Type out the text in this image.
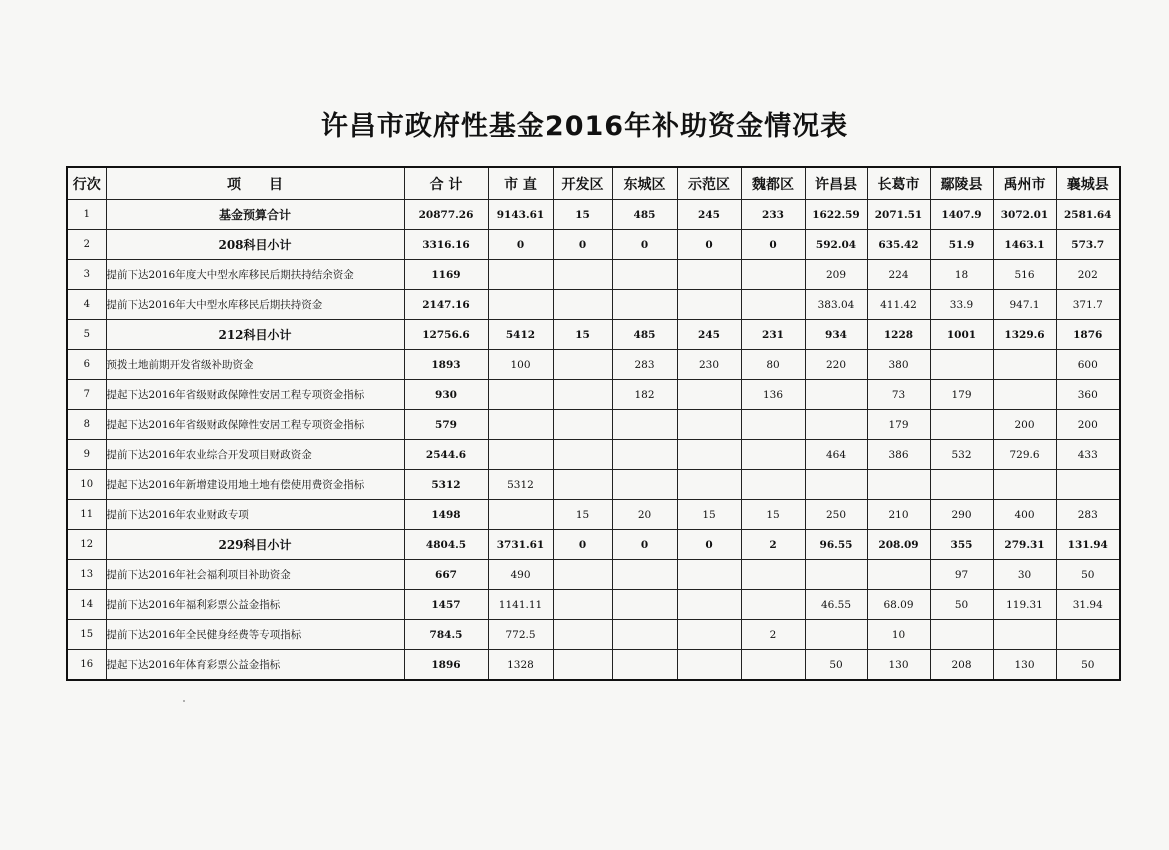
许昌市政府性基金2016年补助资金情况表
行次	项　　目	合 计	市 直	开发区	东城区	示范区	魏都区	许昌县	长葛市	鄢陵县	禹州市	襄城县
1	基金预算合计	20877.26	9143.61	15	485	245	233	1622.59	2071.51	1407.9	3072.01	2581.64
2	208科目小计	3316.16	0	0	0	0	0	592.04	635.42	51.9	1463.1	573.7
3	提前下达2016年度大中型水库移民后期扶持结余资金	1169						209	224	18	516	202
4	提前下达2016年大中型水库移民后期扶持资金	2147.16						383.04	411.42	33.9	947.1	371.7
5	212科目小计	12756.6	5412	15	485	245	231	934	1228	1001	1329.6	1876
6	预拨土地前期开发省级补助资金	1893	100		283	230	80	220	380			600
7	提起下达2016年省级财政保障性安居工程专项资金指标	930			182		136		73	179		360
8	提起下达2016年省级财政保障性安居工程专项资金指标	579							179		200	200
9	提前下达2016年农业综合开发项目财政资金	2544.6						464	386	532	729.6	433
10	提起下达2016年新增建设用地土地有偿使用费资金指标	5312	5312									
11	提前下达2016年农业财政专项	1498		15	20	15	15	250	210	290	400	283
12	229科目小计	4804.5	3731.61	0	0	0	2	96.55	208.09	355	279.31	131.94
13	提前下达2016年社会福利项目补助资金	667	490							97	30	50
14	提前下达2016年福利彩票公益金指标	1457	1141.11					46.55	68.09	50	119.31	31.94
15	提前下达2016年全民健身经费等专项指标	784.5	772.5				2		10			
16	提起下达2016年体育彩票公益金指标	1896	1328					50	130	208	130	50
